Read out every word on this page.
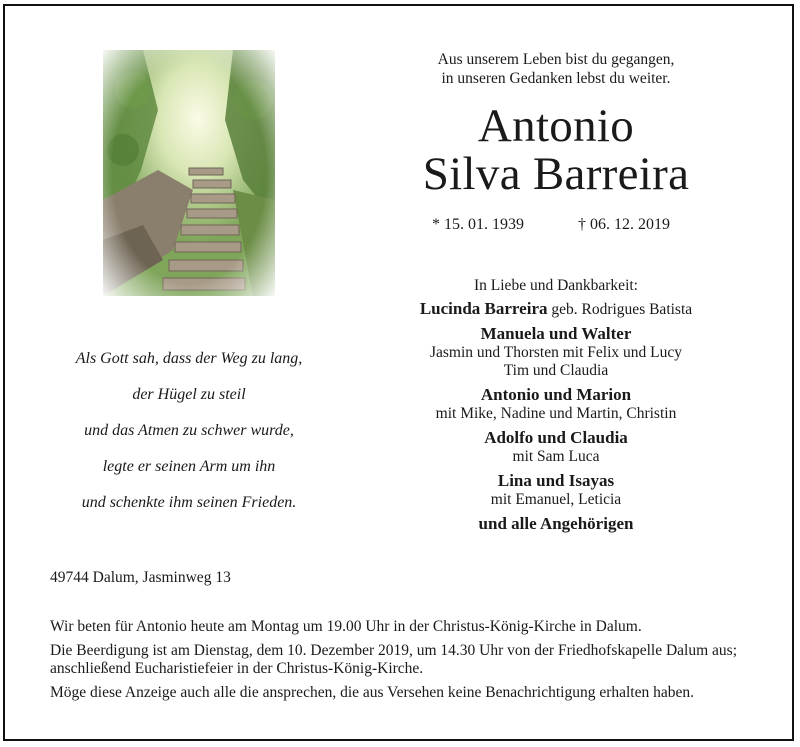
Aus unserem Leben bist du gegangen,
in unseren Gedanken lebst du weiter.
Antonio
Silva Barreira
* 15. 01. 1939	† 06. 12. 2019
In Liebe und Dankbarkeit:
Lucinda Barreira geb. Rodrigues Batista
Manuela und Walter
Jasmin und Thorsten mit Felix und Lucy
Tim und Claudia
Antonio und Marion
mit Mike, Nadine und Martin, Christin
Adolfo und Claudia
mit Sam Luca
Lina und Isayas
mit Emanuel, Leticia
und alle Angehörigen
Als Gott sah, dass der Weg zu lang,
der Hügel zu steil
und das Atmen zu schwer wurde,
legte er seinen Arm um ihn
und schenkte ihm seinen Frieden.
49744 Dalum, Jasminweg 13

Wir beten für Antonio heute am Montag um 19.00 Uhr in der Christus-König-Kirche in Dalum.

Die Beerdigung ist am Dienstag, dem 10. Dezember 2019, um 14.30 Uhr von der Friedhofskapelle Dalum aus; anschließend Eucharistiefeier in der Christus-König-Kirche.

Möge diese Anzeige auch alle die ansprechen, die aus Versehen keine Benachrichtigung erhalten haben.
